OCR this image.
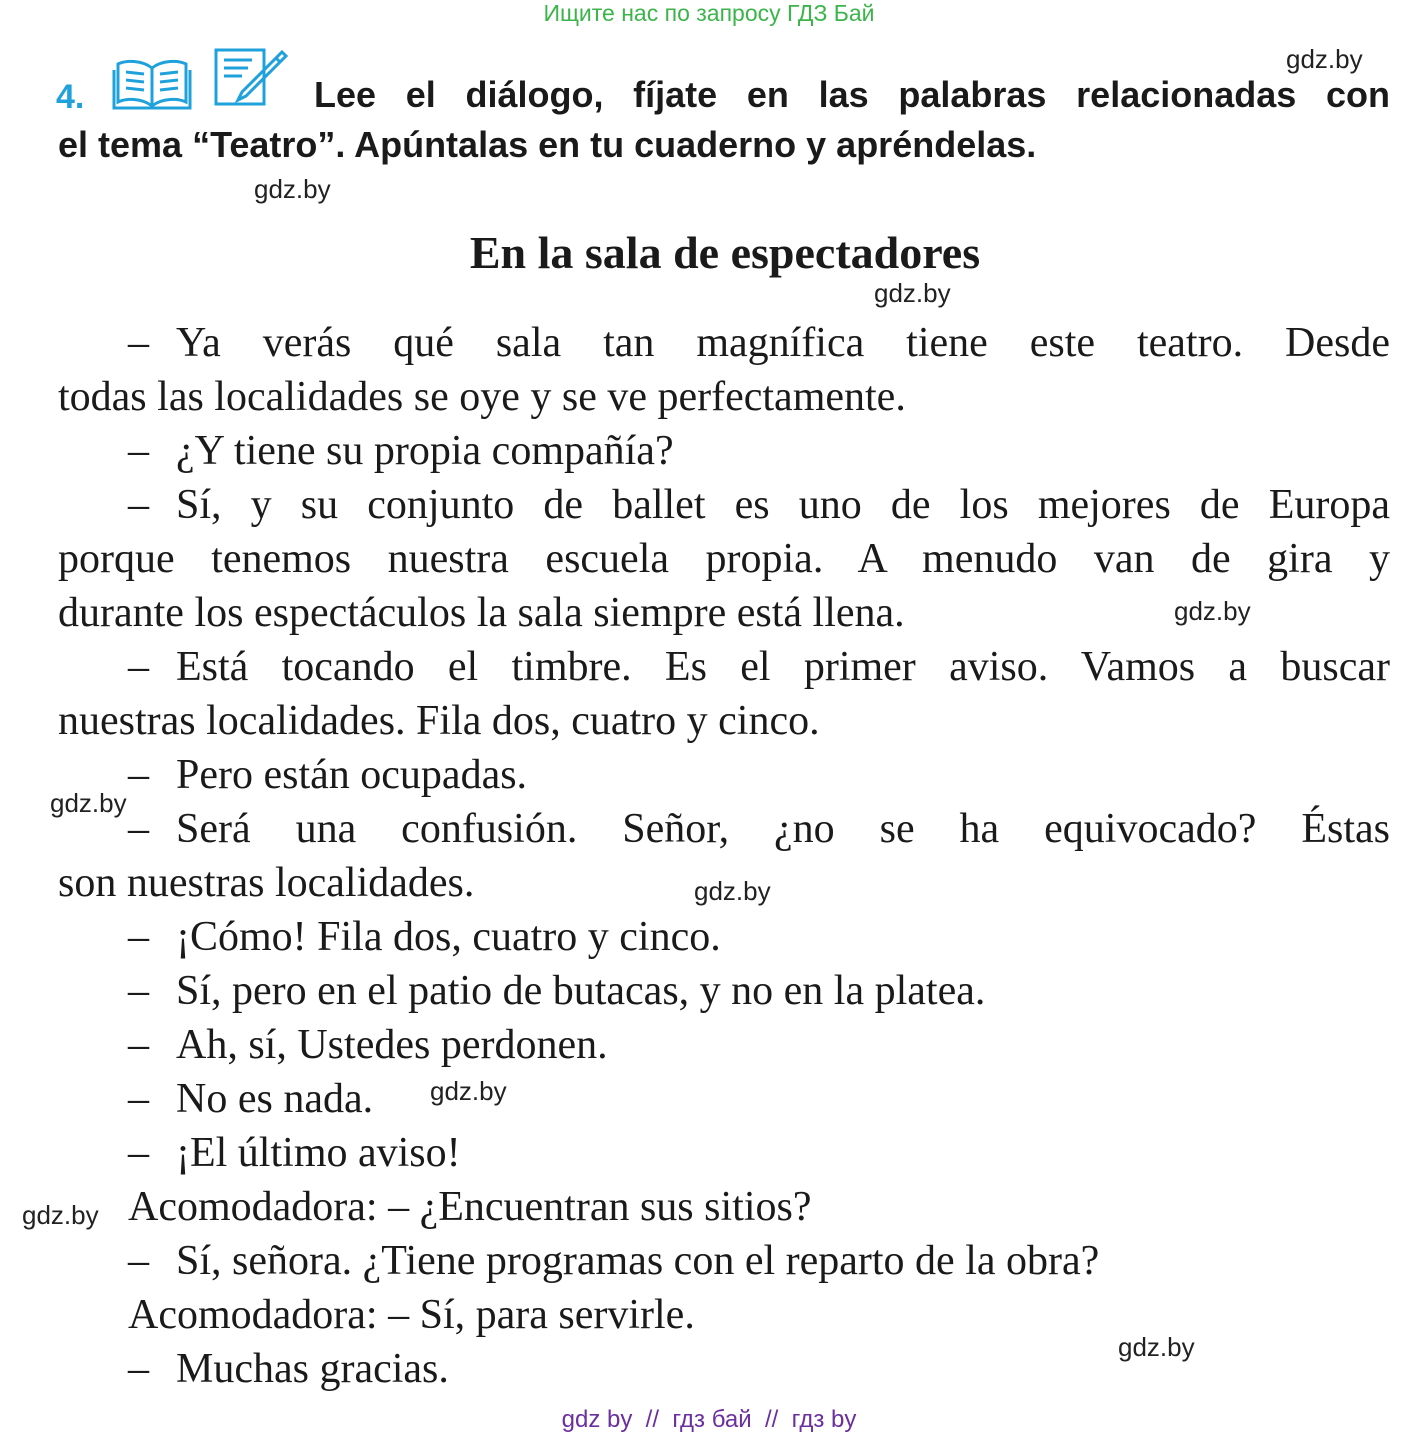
Ищите нас по запросу ГДЗ Бай
4.	Lee el diálogo, fíjate en las palabras relacionadas con
el tema “Teatro”. Apúntalas en tu cuaderno y apréndelas.
En la sala de espectadores
gdz.by
gdz.by
gdz.by
gdz.by
gdz.by
gdz.by
gdz.by
gdz.by
gdz.by
– Ya verás qué sala tan magnífica tiene este teatro. Desde
todas las localidades se oye y se ve perfectamente.
– ¿Y tiene su propia compañía?
– Sí, y su conjunto de ballet es uno de los mejores de Europa
porque tenemos nuestra escuela propia. A menudo van de gira y
durante los espectáculos la sala siempre está llena.
– Está tocando el timbre. Es el primer aviso. Vamos a buscar
nuestras localidades. Fila dos, cuatro y cinco.
– Pero están ocupadas.
– Será una confusión. Señor, ¿no se ha equivocado? Éstas
son nuestras localidades.
– ¡Cómo! Fila dos, cuatro y cinco.
– Sí, pero en el patio de butacas, y no en la platea.
– Ah, sí, Ustedes perdonen.
– No es nada.
– ¡El último aviso!
Acomodadora: – ¿Encuentran sus sitios?
– Sí, señora. ¿Tiene programas con el reparto de la obra?
Acomodadora: – Sí, para servirle.
– Muchas gracias.
gdz by  //  гдз бай  //  гдз by
